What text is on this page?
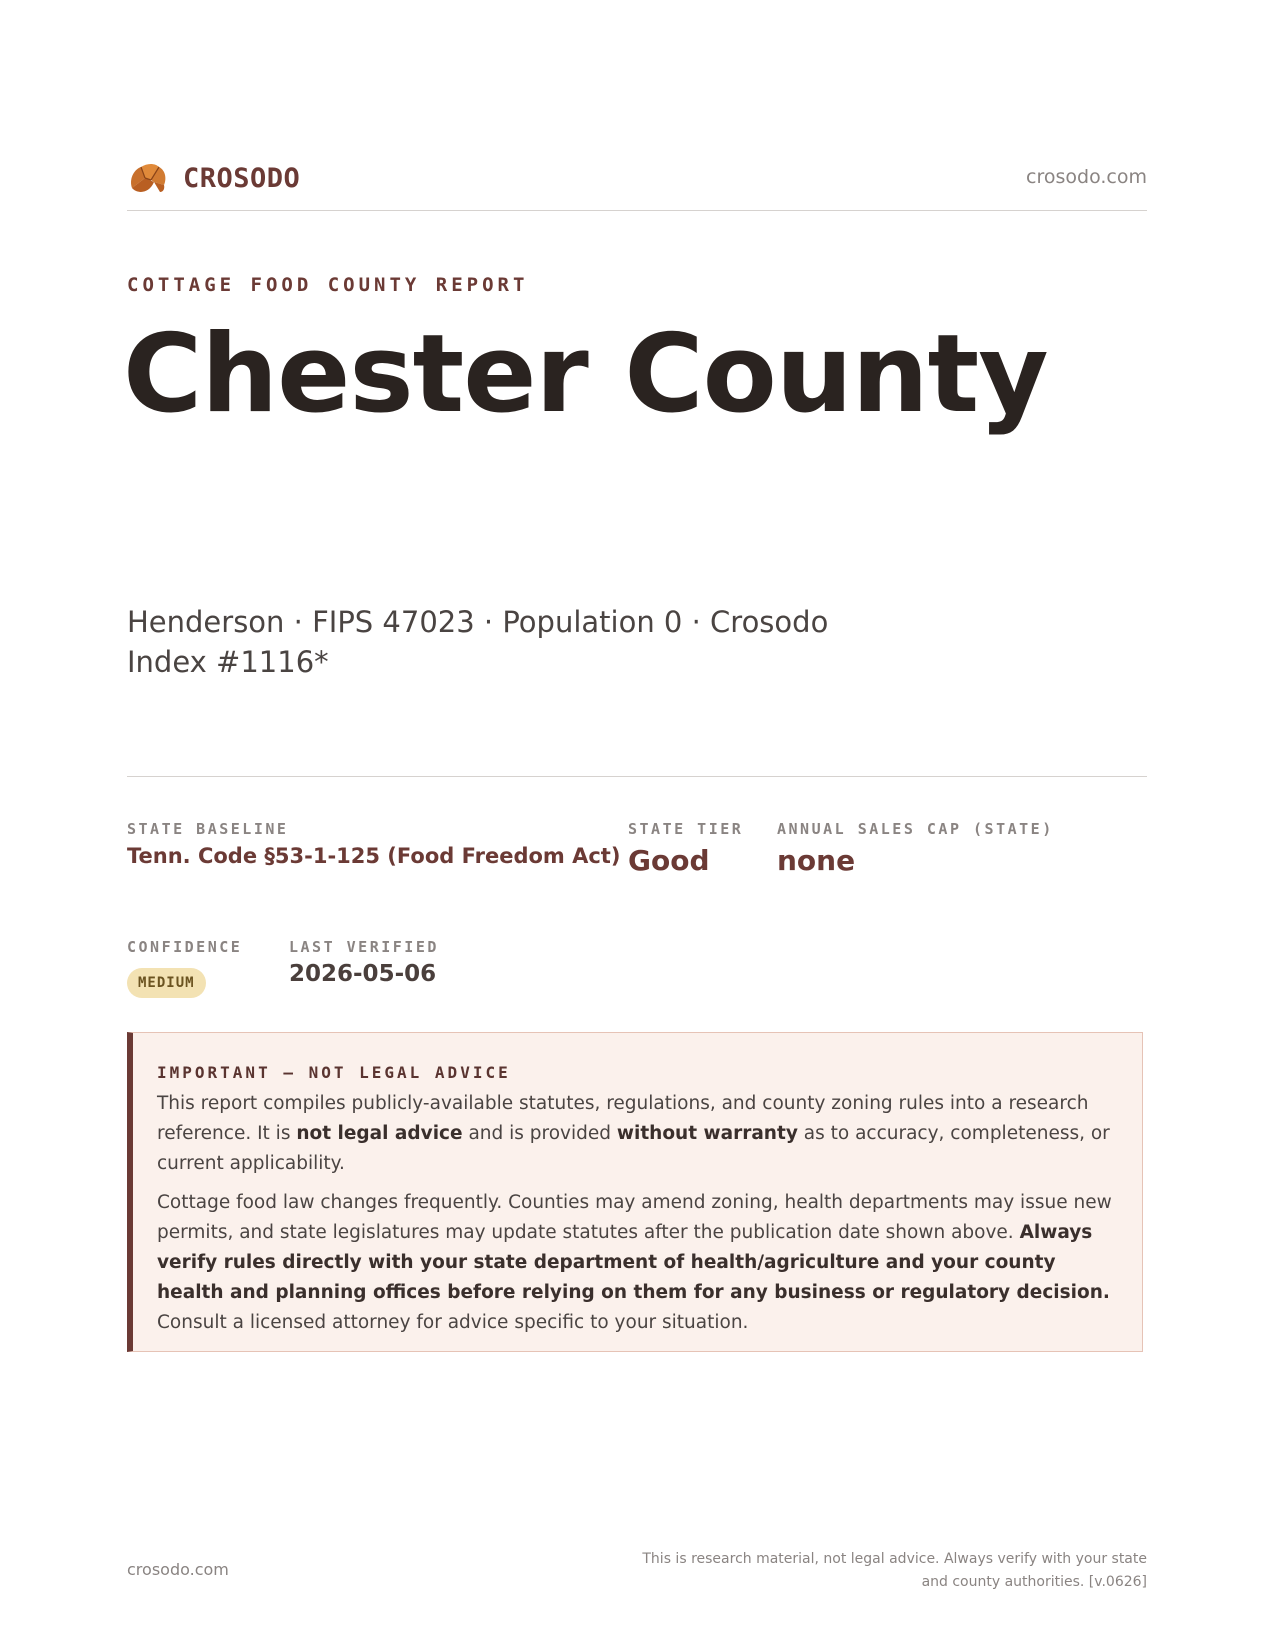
CROSODO	crosodo.com
COTTAGE FOOD COUNTY REPORT
Chester County
Henderson · FIPS 47023 · Population 0 · Crosodo Index #1116*
STATE BASELINE
Tenn. Code §53-1-125 (Food Freedom Act)
STATE TIER
Good
ANNUAL SALES CAP (STATE)
none
CONFIDENCE
MEDIUM
LAST VERIFIED
2026-05-06
IMPORTANT — NOT LEGAL ADVICE

This report compiles publicly-available statutes, regulations, and county zoning rules into a research reference. It is not legal advice and is provided without warranty as to accuracy, completeness, or current applicability.

Cottage food law changes frequently. Counties may amend zoning, health departments may issue new permits, and state legislatures may update statutes after the publication date shown above. Always verify rules directly with your state department of health/agriculture and your county health and planning offices before relying on them for any business or regulatory decision. Consult a licensed attorney for advice specific to your situation.

crosodo.com
This is research material, not legal advice. Always verify with your state
and county authorities. [v.0626]
